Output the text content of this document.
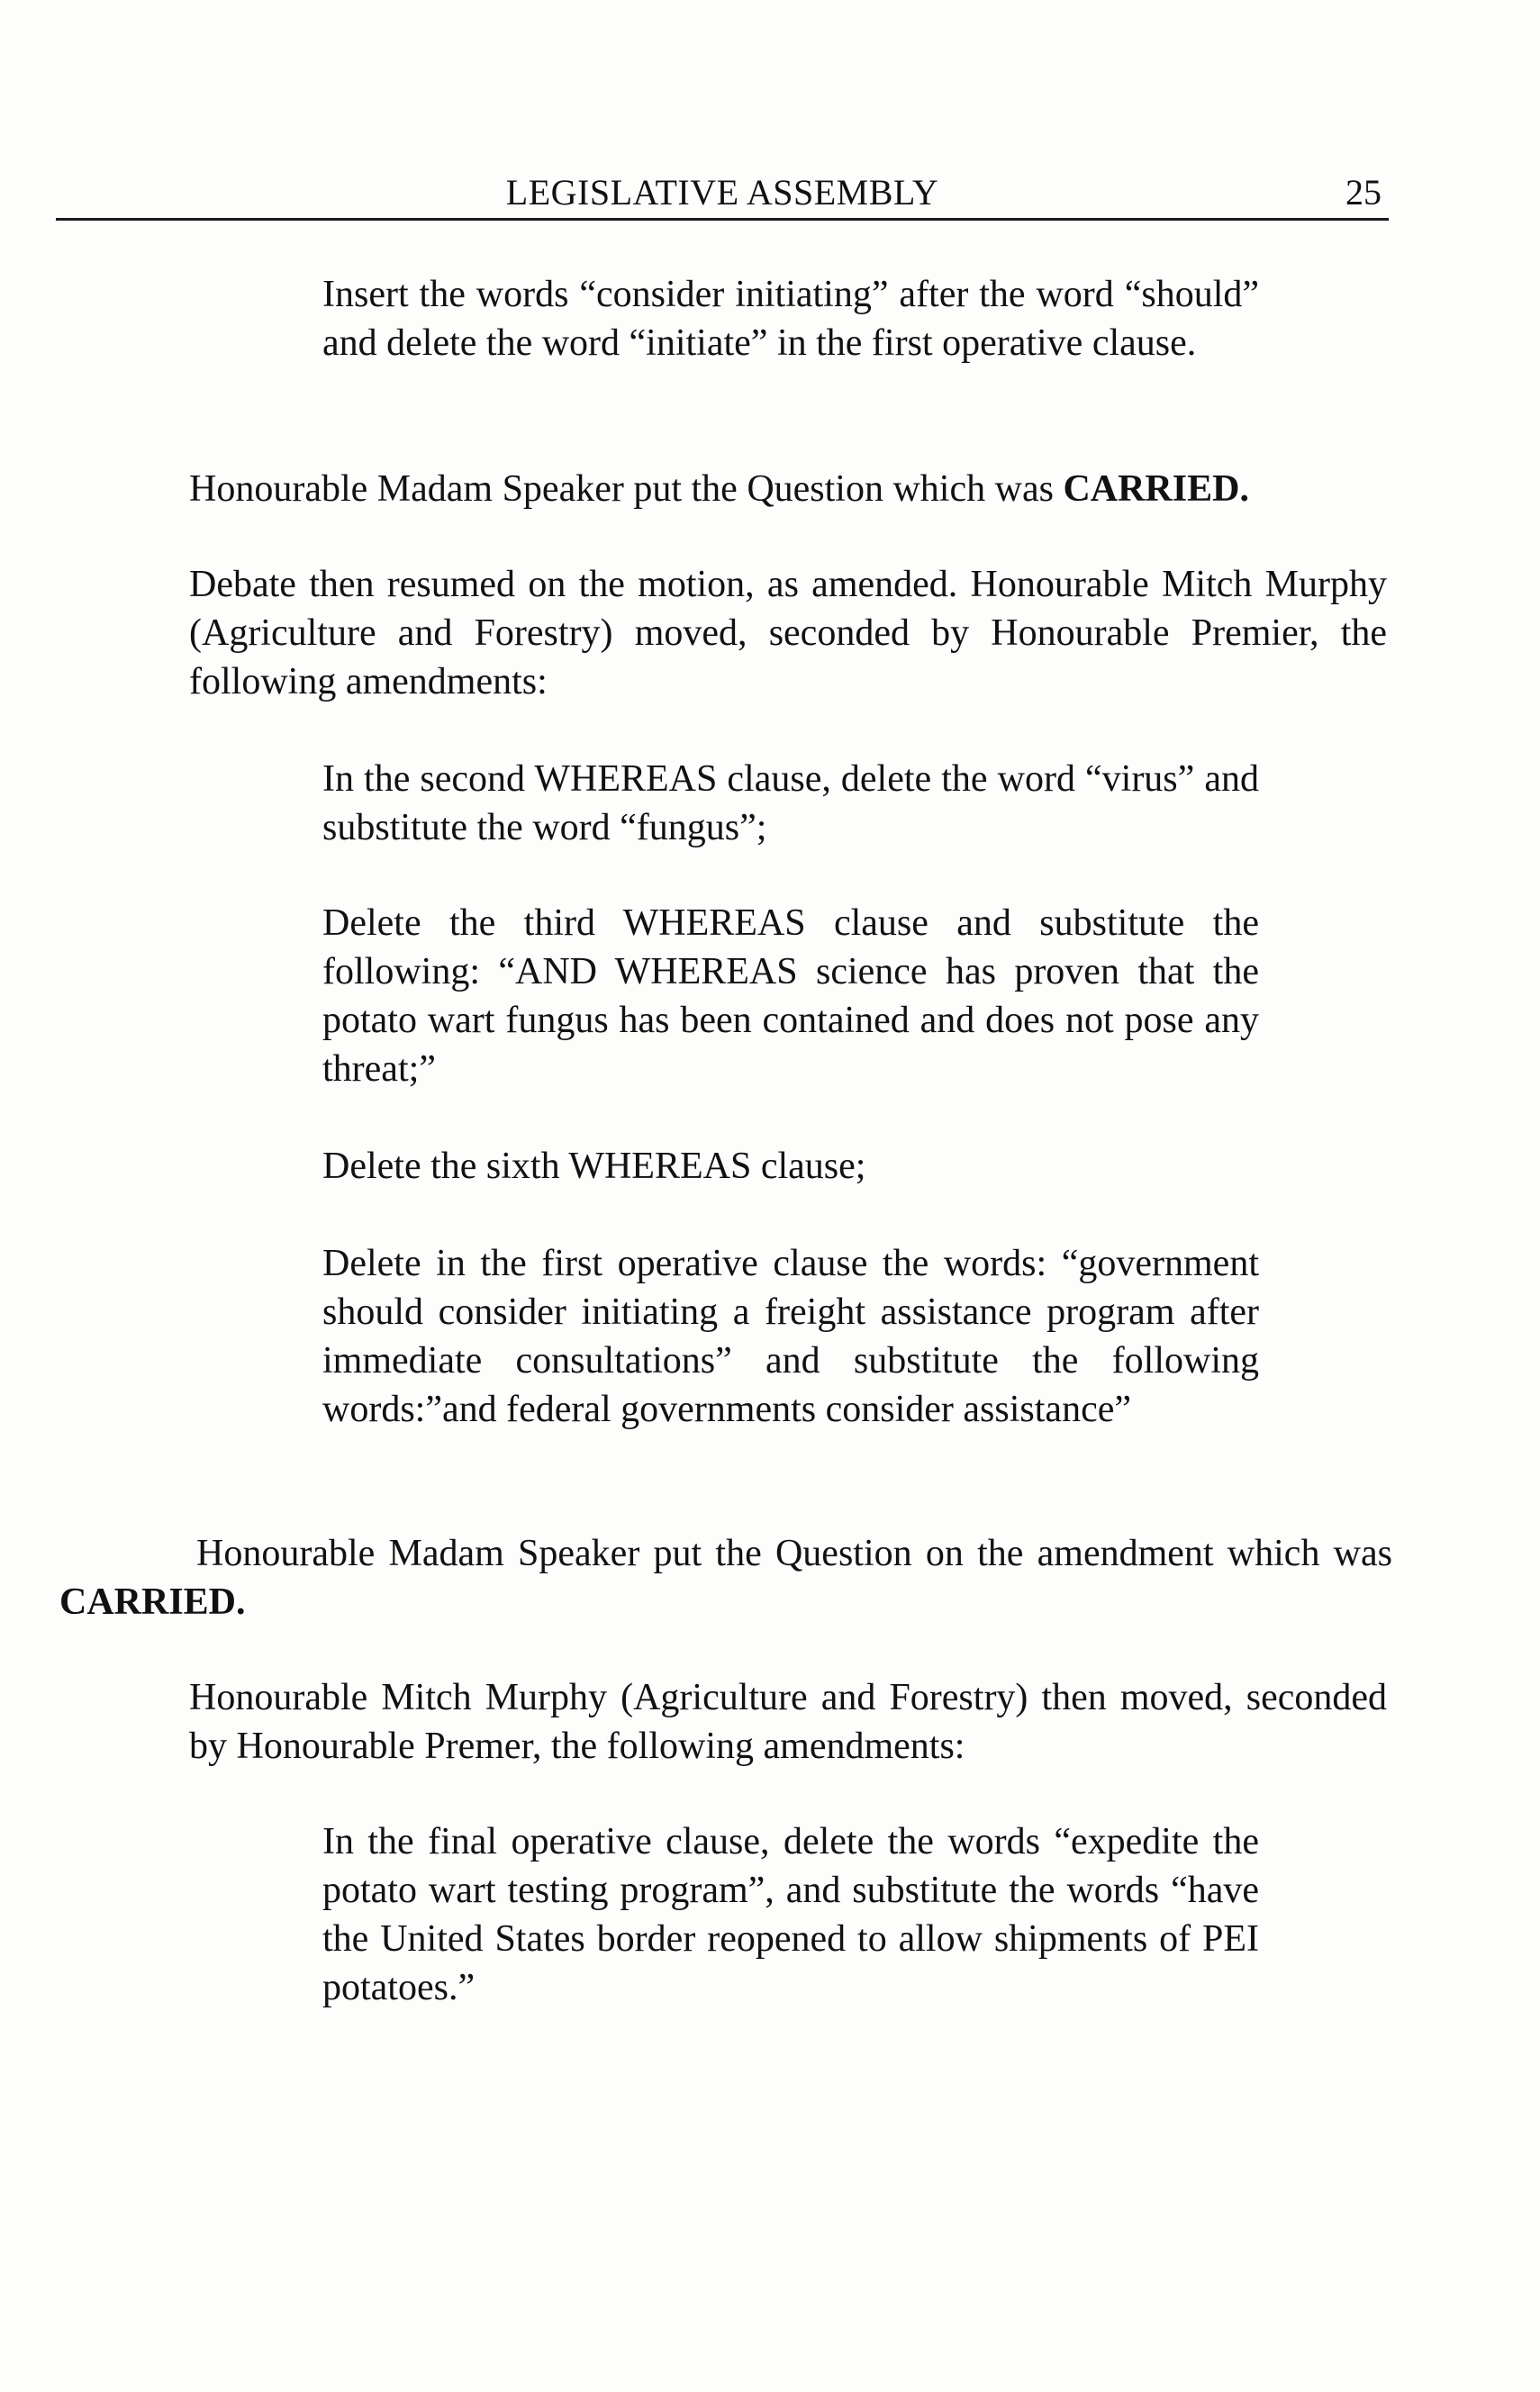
LEGISLATIVE ASSEMBLY	25

Insert the words “consider initiating” after the word “should” and delete the word “initiate” in the first operative clause.

Honourable Madam Speaker put the Question which was CARRIED.

Debate then resumed on the motion, as amended. Honourable Mitch Murphy (Agriculture and Forestry) moved, seconded by Honourable Premier, the following amendments:

In the second WHEREAS clause, delete the word “virus” and substitute the word “fungus”;

Delete the third WHEREAS clause and substitute the following: “AND WHEREAS science has proven that the potato wart fungus has been contained and does not pose any threat;”

Delete the sixth WHEREAS clause;

Delete in the first operative clause the words: “government should consider initiating a freight assistance program after immediate consultations” and substitute the following words:”and federal governments consider assistance”

Honourable Madam Speaker put the Question on the amendment which was
CARRIED.

Honourable Mitch Murphy (Agriculture and Forestry) then moved, seconded by Honourable Premer, the following amendments:

In the final operative clause, delete the words “expedite the potato wart testing program”, and substitute the words “have the United States border reopened to allow shipments of PEI potatoes.”
